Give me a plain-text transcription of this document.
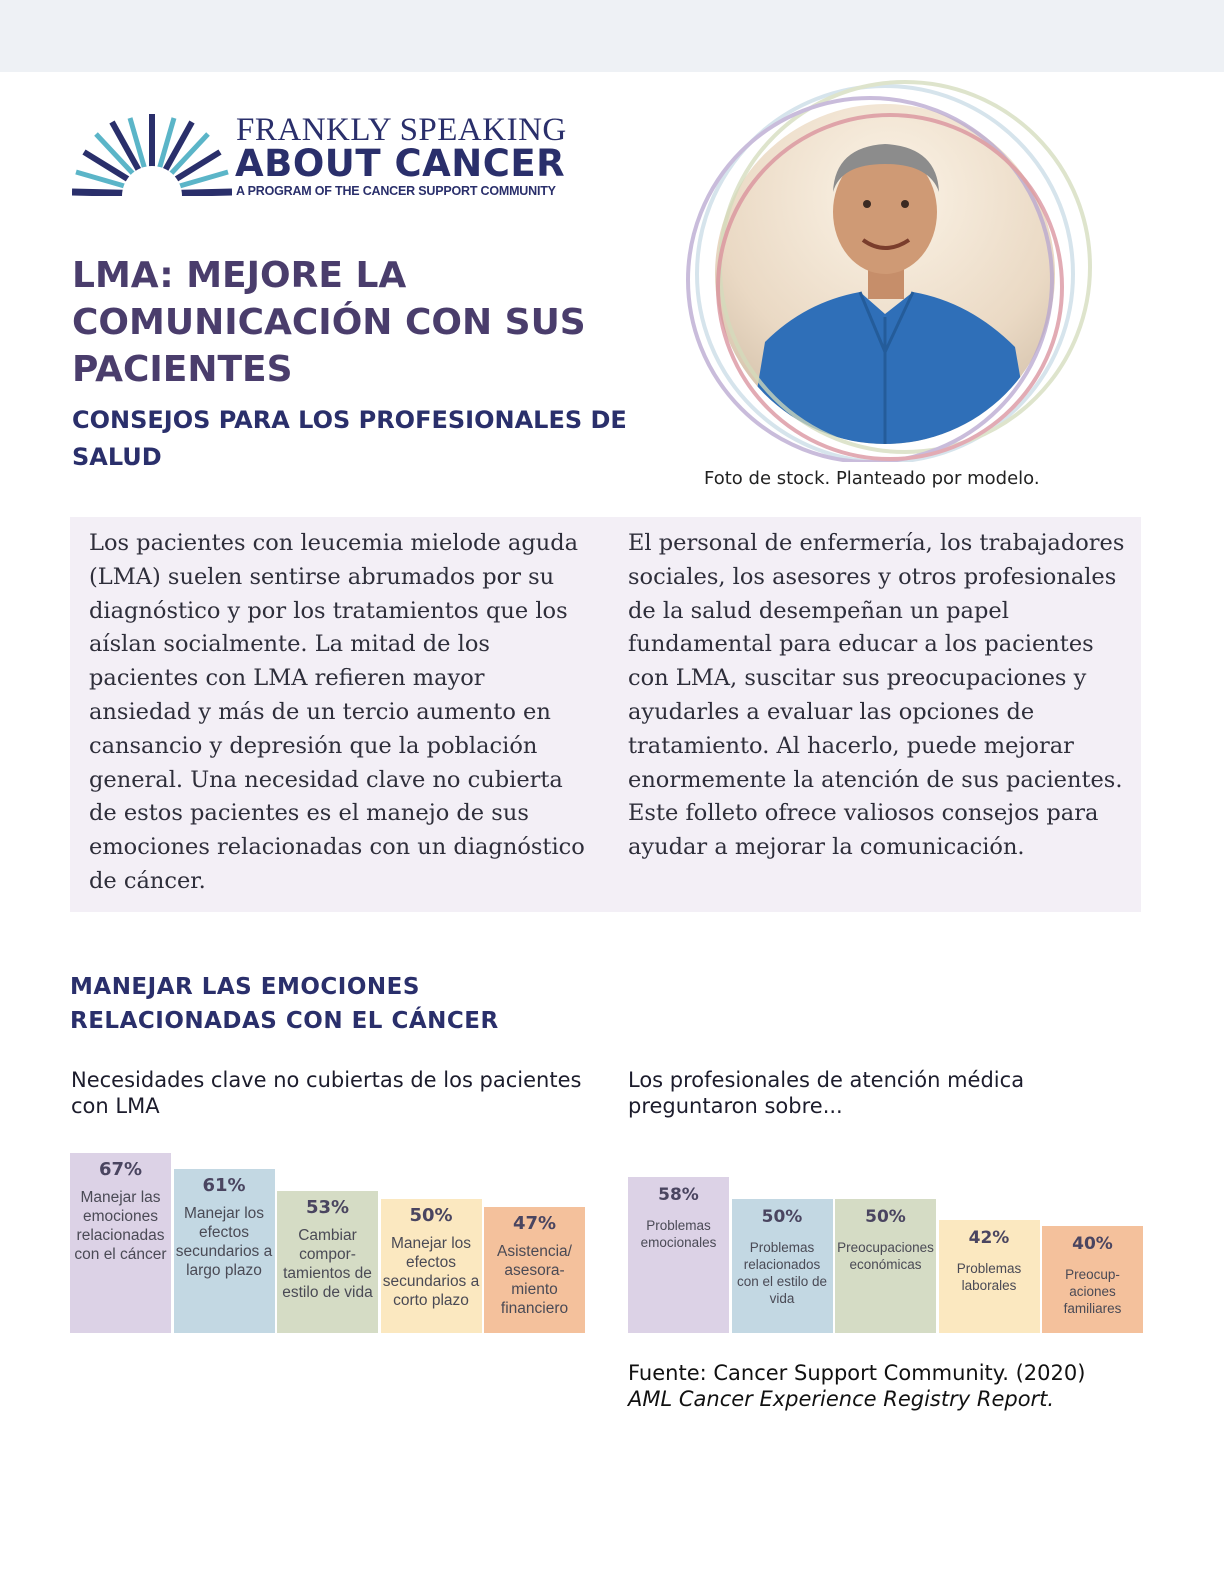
FRANKLY SPEAKING
ABOUT CANCER
A PROGRAM OF THE CANCER SUPPORT COMMUNITY
LMA: MEJORE LA COMUNICACIÓN CON SUS PACIENTES
CONSEJOS PARA LOS PROFESIONALES DE SALUD
Foto de stock. Planteado por modelo.

Los pacientes con leucemia mielode aguda (LMA) suelen sentirse abrumados por su diagnóstico y por los tratamientos que los aíslan socialmente. La mitad de los pacientes con LMA refieren mayor ansiedad y más de un tercio aumento en cansancio y depresión que la población general. Una necesidad clave no cubierta de estos pacientes es el manejo de sus emociones relacionadas con un diagnóstico de cáncer.

El personal de enfermería, los trabajadores sociales, los asesores y otros profesionales de la salud desempeñan un papel fundamental para educar a los pacientes con LMA, suscitar sus preocupaciones y ayudarles a evaluar las opciones de tratamiento. Al hacerlo, puede mejorar enormemente la atención de sus pacientes. Este folleto ofrece valiosos consejos para ayudar a mejorar la comunicación.

MANEJAR LAS EMOCIONES RELACIONADAS CON EL CÁNCER
Necesidades clave no cubiertas de los pacientes con LMA
Los profesionales de atención médica preguntaron sobre...
67%
Manejar las emociones relacionadas con el cáncer
61%
Manejar los efectos secundarios a largo plazo
53%
Cambiar compor-tamientos de estilo de vida
50%
Manejar los efectos secundarios a corto plazo
47%
Asistencia/ asesora-miento financiero
58%
Problemas emocionales
50%
Problemas relacionados con el estilo de vida
50%
Preocupaciones económicas
42%
Problemas laborales
40%
Preocup-aciones familiares
Fuente: Cancer Support Community. (2020)
AML Cancer Experience Registry Report.
